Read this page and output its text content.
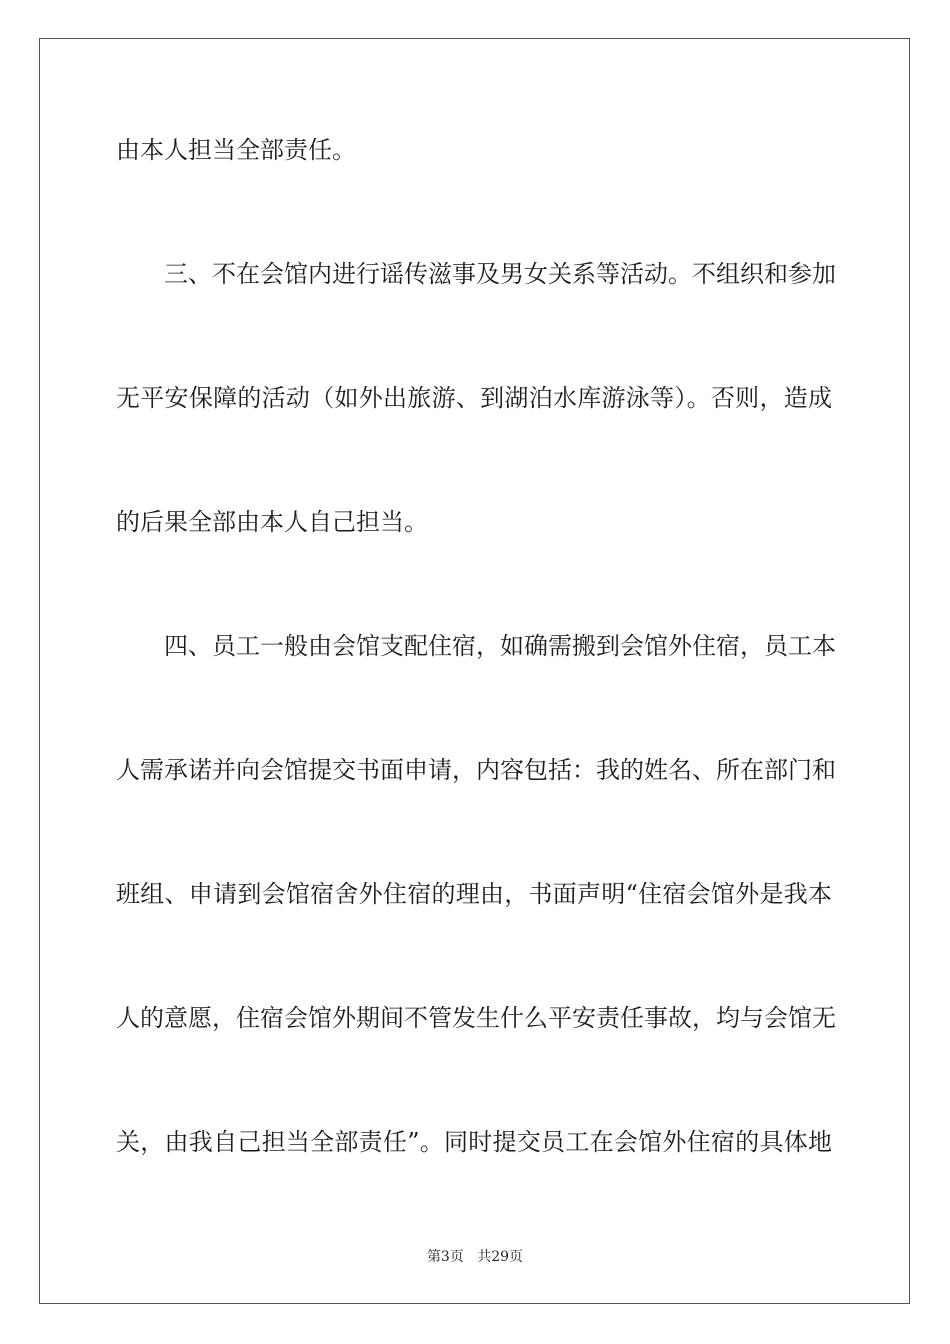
由本人担当全部责任。
三、不在会馆内进行谣传滋事及男女关系等活动。不组织和参加
无平安保障的活动（如外出旅游、到湖泊水库游泳等）。否则，造成
的后果全部由本人自己担当。
四、员工一般由会馆支配住宿，如确需搬到会馆外住宿，员工本
人需承诺并向会馆提交书面申请，内容包括：我的姓名、所在部门和
班组、申请到会馆宿舍外住宿的理由，书面声明“住宿会馆外是我本
人的意愿，住宿会馆外期间不管发生什么平安责任事故，均与会馆无
关，由我自己担当全部责任”。同时提交员工在会馆外住宿的具体地
第3页 共29页
